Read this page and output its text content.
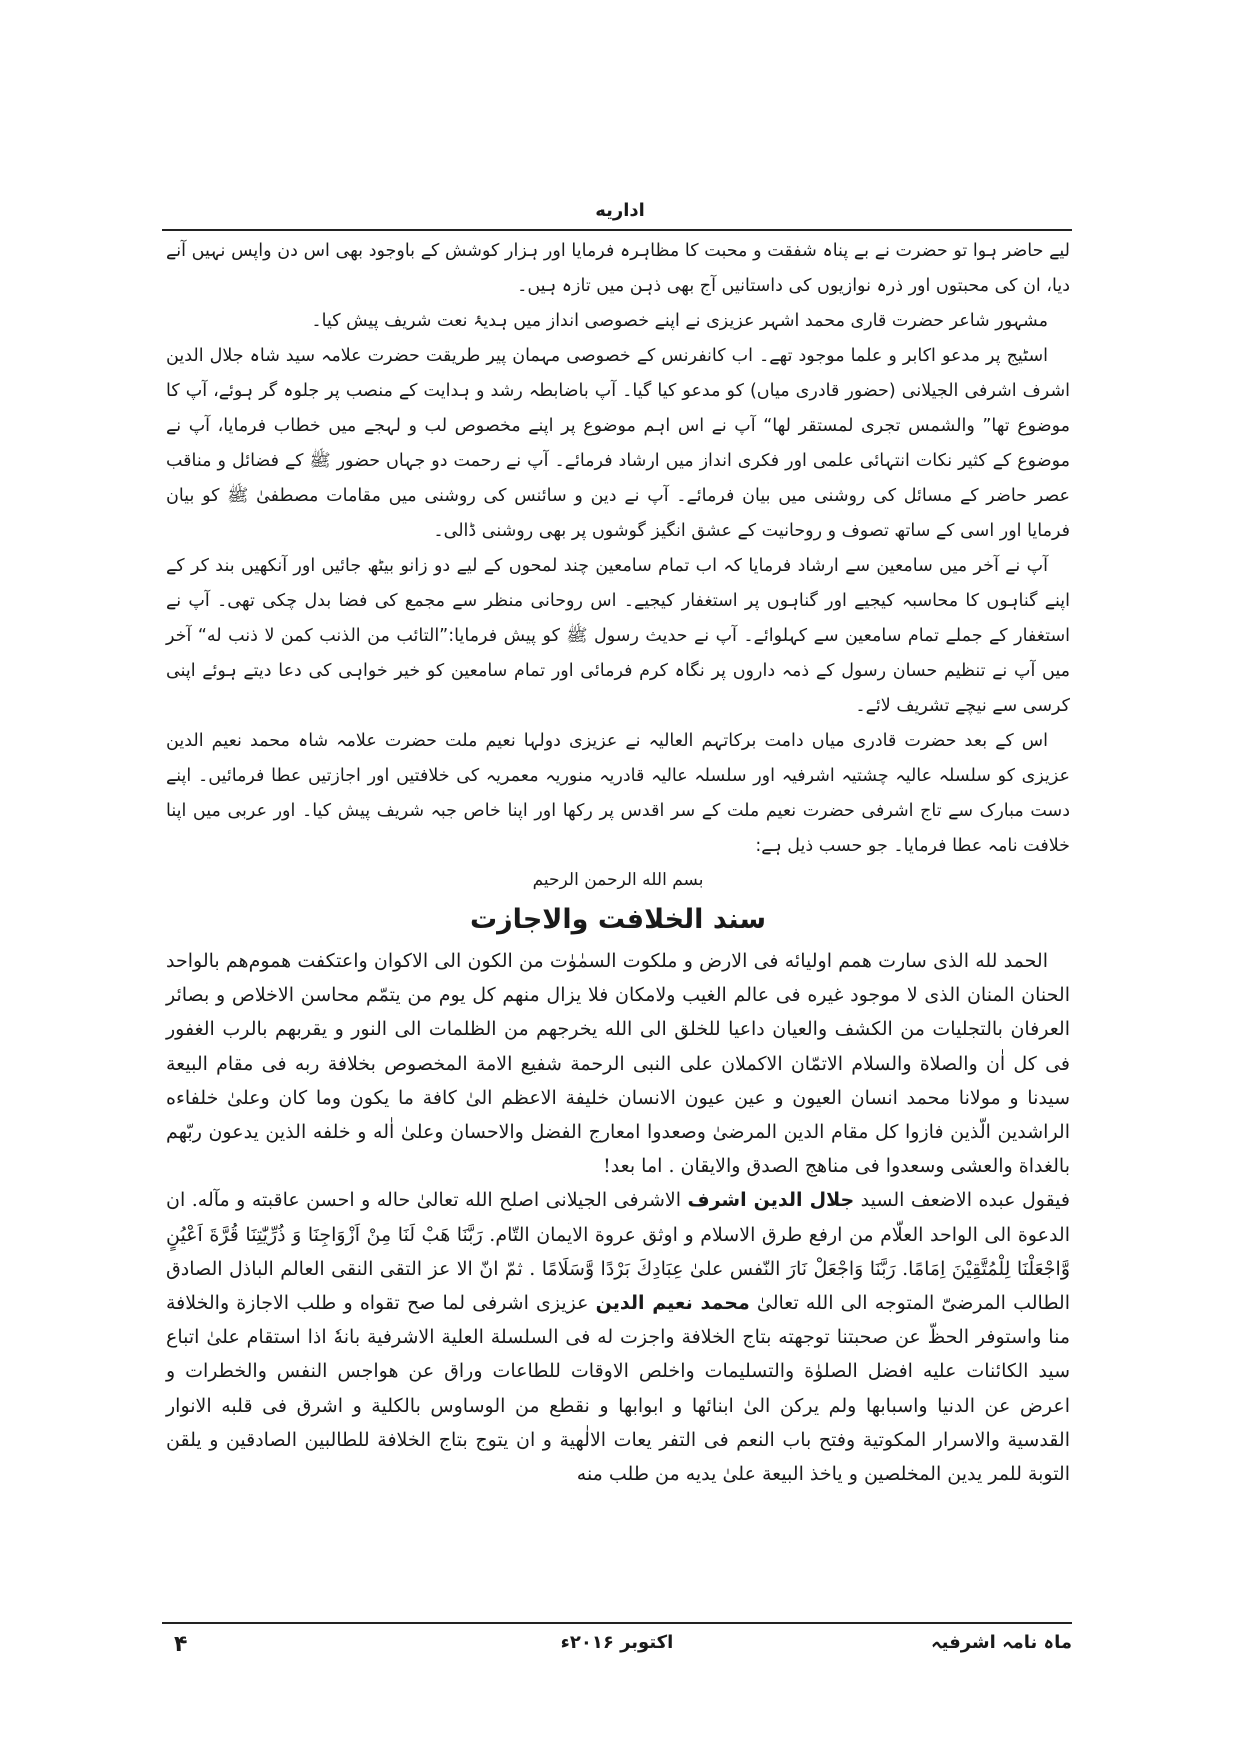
اداریه

لیے حاضر ہوا تو حضرت نے بے پناہ شفقت و محبت کا مظاہرہ فرمایا اور ہزار کوشش کے باوجود بھی اس دن واپس نہیں آنے دیا، ان کی محبتوں اور ذرہ نوازیوں کی داستانیں آج بھی ذہن میں تازہ ہیں۔

مشہور شاعر حضرت قاری محمد اشہر عزیزی نے اپنے خصوصی انداز میں ہدیۂ نعت شریف پیش کیا۔

اسٹیج پر مدعو اکابر و علما موجود تھے۔ اب کانفرنس کے خصوصی مہمان پیر طریقت حضرت علامہ سید شاہ جلال الدین اشرف اشرفی الجیلانی (حضور قادری میاں) کو مدعو کیا گیا۔ آپ باضابطہ رشد و ہدایت کے منصب پر جلوہ گر ہوئے، آپ کا موضوع تھا” والشمس تجری لمستقر لها“ آپ نے اس اہم موضوع پر اپنے مخصوص لب و لہجے میں خطاب فرمایا، آپ نے موضوع کے کثیر نکات انتہائی علمی اور فکری انداز میں ارشاد فرمائے۔ آپ نے رحمت دو جہاں حضور ﷺ کے فضائل و مناقب عصر حاضر کے مسائل کی روشنی میں بیان فرمائے۔ آپ نے دین و سائنس کی روشنی میں مقامات مصطفیٰ ﷺ کو بیان فرمایا اور اسی کے ساتھ تصوف و روحانیت کے عشق انگیز گوشوں پر بھی روشنی ڈالی۔

آپ نے آخر میں سامعین سے ارشاد فرمایا کہ اب تمام سامعین چند لمحوں کے لیے دو زانو بیٹھ جائیں اور آنکھیں بند کر کے اپنے گناہوں کا محاسبہ کیجیے اور گناہوں پر استغفار کیجیے۔ اس روحانی منظر سے مجمع کی فضا بدل چکی تھی۔ آپ نے استغفار کے جملے تمام سامعین سے کہلوائے۔ آپ نے حدیث رسول ﷺ کو پیش فرمایا:”التائب من الذنب کمن لا ذنب له“ آخر میں آپ نے تنظیم حسان رسول کے ذمہ داروں پر نگاہ کرم فرمائی اور تمام سامعین کو خیر خواہی کی دعا دیتے ہوئے اپنی کرسی سے نیچے تشریف لائے۔

اس کے بعد حضرت قادری میاں دامت برکاتہم العالیہ نے عزیزی دولہا نعیم ملت حضرت علامہ شاہ محمد نعیم الدین عزیزی کو سلسلہ عالیہ چشتیہ اشرفیہ اور سلسلہ عالیہ قادریہ منوریہ معمریہ کی خلافتیں اور اجازتیں عطا فرمائیں۔ اپنے دست مبارک سے تاج اشرفی حضرت نعیم ملت کے سر اقدس پر رکھا اور اپنا خاص جبہ شریف پیش کیا۔ اور عربی میں اپنا خلافت نامہ عطا فرمایا۔ جو حسب ذیل ہے:

بسم الله الرحمن الرحيم

سند الخلافت والاجازت

الحمد لله الذی سارت همم اولیائه فی الارض و ملکوت السمٰوٰت من الکون الی الاکوان واعتکفت هموم‌هم بالواحد الحنان المنان الذی لا موجود غیره فی عالم الغیب ولامکان فلا یزال منهم کل یوم من یتمّم محاسن الاخلاص و بصائر العرفان بالتجلیات من الکشف والعیان داعیا للخلق الی الله یخرجهم من الظلمات الی النور و یقربهم بالرب الغفور فی کل اٰن والصلاة والسلام الاتمّان الاکملان علی النبی الرحمة شفیع الامة المخصوص بخلافة ربه فی مقام البیعة سیدنا و مولانا محمد انسان العیون و عین عیون الانسان خلیفة الاعظم الیٰ کافة ما یکون وما کان وعلیٰ خلفاءه الراشدین الّذین فازوا کل مقام الدین المرضیٰ وصعدوا امعارج الفضل والاحسان وعلیٰ اٰله و خلفه الذین یدعون ربّهم بالغداة والعشی وسعدوا فی مناهج الصدق والایقان . اما بعد!

فیقول عبده الاضعف السید جلال الدین اشرف الاشرفی الجیلانی اصلح الله تعالیٰ حاله و احسن عاقبته و مآله. ان الدعوة الی الواحد العلّام من ارفع طرق الاسلام و اوثق عروة الایمان التّام. رَبَّنَا هَبْ لَنَا مِنْ اَزْوَاجِنَا وَ ذُرِّیّٰتِنَا قُرَّةَ اَعْیُنٍ وَّاجْعَلْنَا لِلْمُتَّقِیْنَ اِمَامًا. رَبَّنَا وَاجْعَلْ نَارَ النّفس علیٰ عِبَادِكَ بَرْدًا وَّسَلَامًا . ثمّ انّ الا عز التقی النقی العالم الباذل الصادق الطالب المرضیّ المتوجه الی الله تعالیٰ محمد نعیم الدین عزیزی اشرفی لما صح تقواه و طلب الاجازة والخلافة منا واستوفر الحظّ عن صحبتنا توجهته بتاج الخلافة واجزت له فی السلسلة العلیة الاشرفیة بانهٗ اذا استقام علیٰ اتباع سید الکائنات علیه افضل الصلوٰة والتسلیمات واخلص الاوقات للطاعات وراق عن هواجس النفس والخطرات و اعرض عن الدنیا واسبابها ولم یرکن الیٰ ابنائها و ابوابها و نقطع من الوساوس بالکلیة و اشرق فی قلبه الانوار القدسیة والاسرار المکوتیة وفتح باب النعم فی التفر یعات الالٰهیة و ان یتوج بتاج الخلافة للطالبین الصادقین و یلقن التوبة للمر یدین المخلصین و یاخذ البیعة علیٰ یدیه من طلب منه

ماہ نامہ اشرفیہ
اکتوبر ۲۰۱۶ء
۴
